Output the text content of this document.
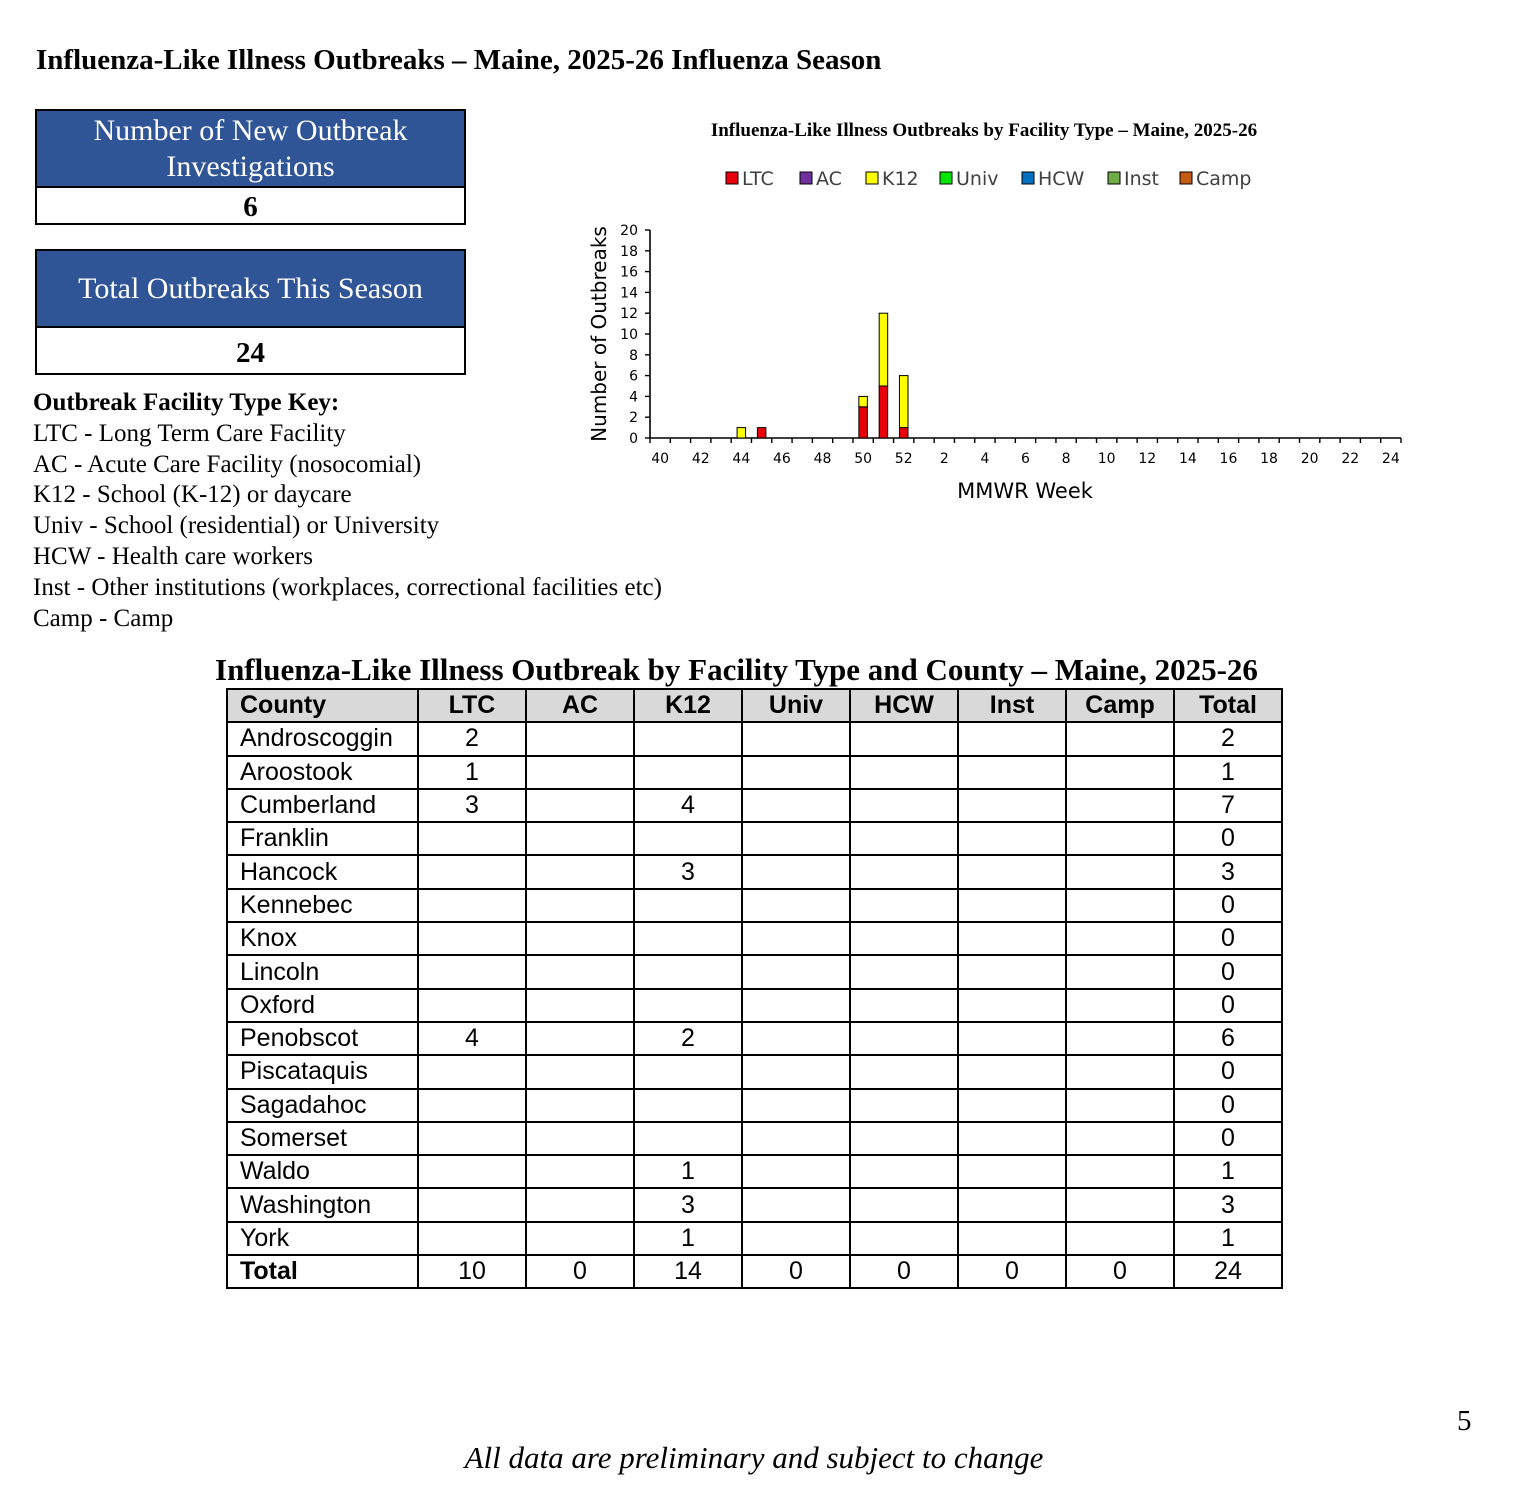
Influenza-Like Illness Outbreaks – Maine, 2025-26 Influenza Season
Number of New Outbreak
Investigations
6
Total Outbreaks This Season
24
Outbreak Facility Type Key:
LTC - Long Term Care Facility
AC - Acute Care Facility (nosocomial)
K12 - School (K-12) or daycare
Univ - School (residential) or University
HCW - Health care workers
Inst - Other institutions (workplaces, correctional facilities etc)
Camp - Camp
Influenza-Like Illness Outbreaks by Facility Type – Maine, 2025-26
LTC AC K12 Univ HCW Inst Camp
Number of Outbreaks
MMWR Week
0
2
4
6
8
10
12
14
16
18
20
40 42 44 46 48 50 52 2 4 6 8 10 12 14 16 18 20 22 24
Influenza-Like Illness Outbreak by Facility Type and County – Maine, 2025-26
County	LTC	AC	K12	Univ	HCW	Inst	Camp	Total
Androscoggin	2							2
Aroostook	1							1
Cumberland	3		4					7
Franklin								0
Hancock			3					3
Kennebec								0
Knox								0
Lincoln								0
Oxford								0
Penobscot	4		2					6
Piscataquis								0
Sagadahoc								0
Somerset								0
Waldo			1					1
Washington			3					3
York			1					1
Total	10	0	14	0	0	0	0	24
5
All data are preliminary and subject to change
